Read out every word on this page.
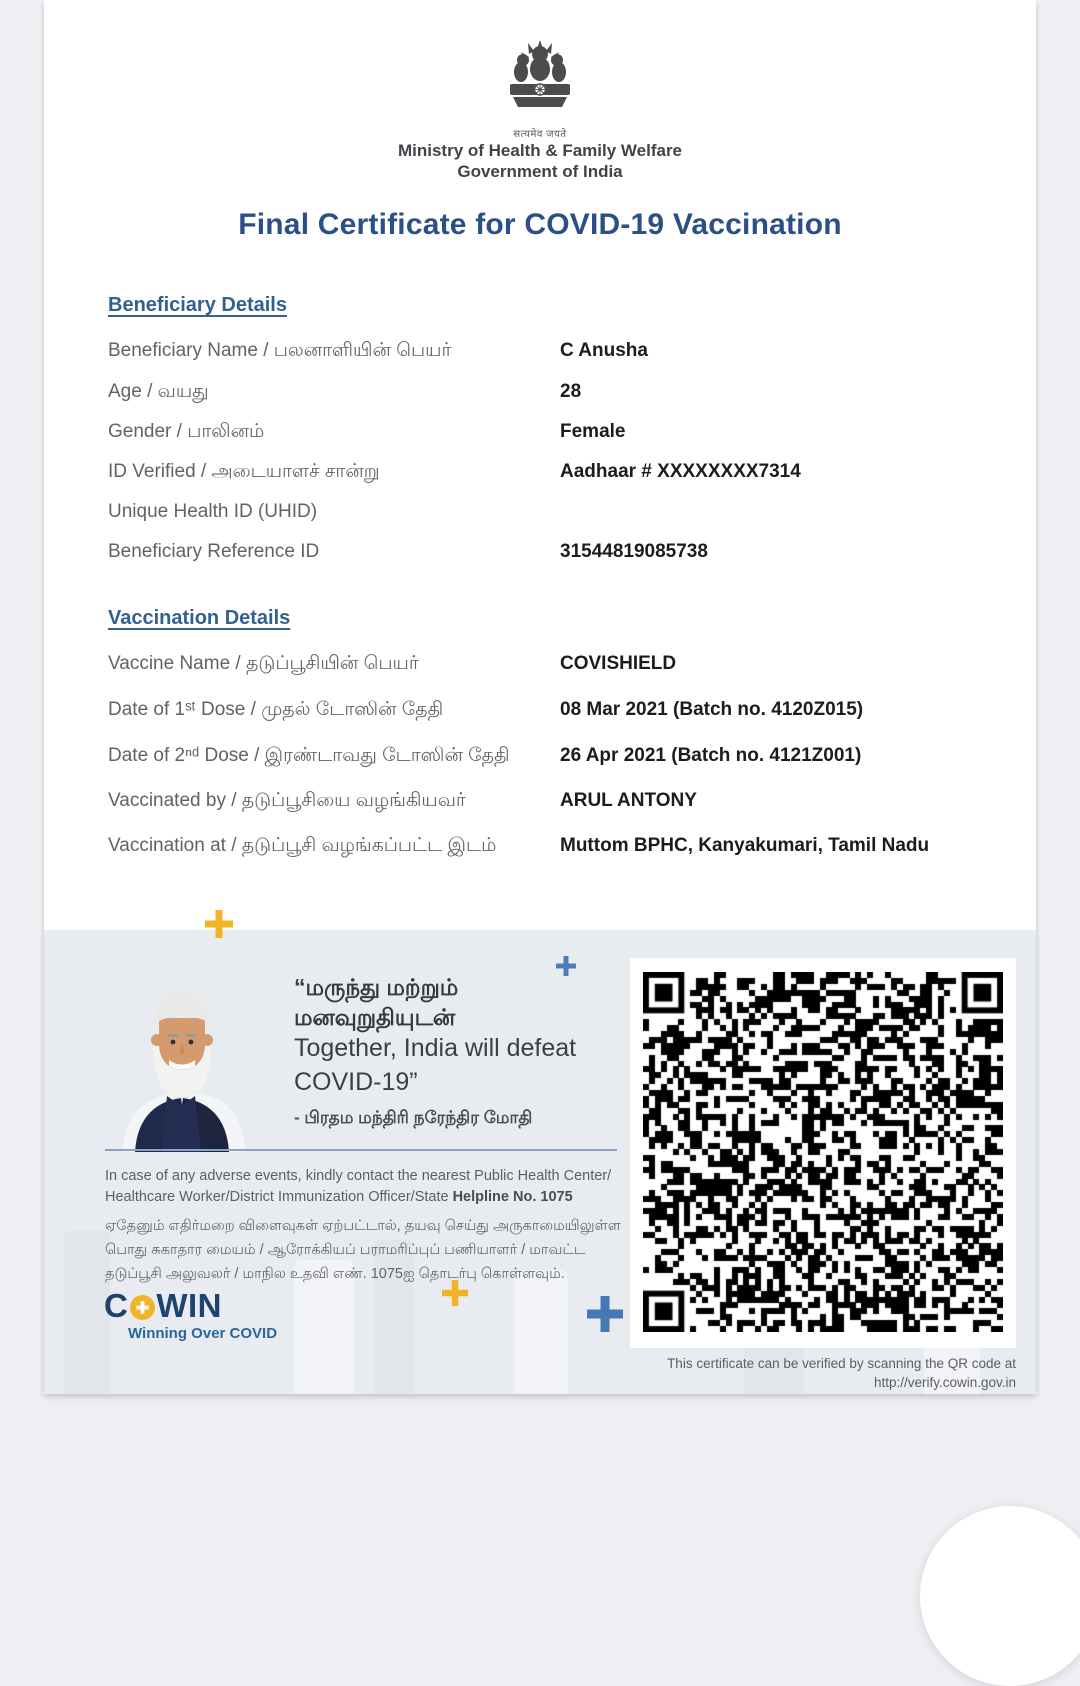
सत्यमेव जयते
Ministry of Health & Family Welfare
Government of India
Final Certificate for COVID-19 Vaccination
Beneficiary Details
Beneficiary Name / பலனாளியின் பெயர்	C Anusha
Age / வயது	28
Gender / பாலினம்	Female
ID Verified / அடையாளச் சான்று	Aadhaar # XXXXXXXX7314
Unique Health ID (UHID)
Beneficiary Reference ID	31544819085738
Vaccination Details
Vaccine Name / தடுப்பூசியின் பெயர்	COVISHIELD
Date of 1ˢᵗ Dose / முதல் டோஸின் தேதி	08 Mar 2021 (Batch no. 4120Z015)
Date of 2ⁿᵈ Dose / இரண்டாவது டோஸின் தேதி	26 Apr 2021 (Batch no. 4121Z001)
Vaccinated by / தடுப்பூசியை வழங்கியவர்	ARUL ANTONY
Vaccination at / தடுப்பூசி வழங்கப்பட்ட இடம்	Muttom BPHC, Kanyakumari, Tamil Nadu
“மருந்து மற்றும்
மனவுறுதியுடன்
Together, India will defeat
COVID-19”
- பிரதம மந்திரி நரேந்திர மோதி
In case of any adverse events, kindly contact the nearest Public Health Center/
Healthcare Worker/District Immunization Officer/State Helpline No. 1075
ஏதேனும் எதிர்மறை விளைவுகள் ஏற்பட்டால், தயவு செய்து அருகாமையிலுள்ள பொது சுகாதார மையம் / ஆரோக்கியப் பராமரிப்புப் பணியாளர் / மாவட்ட தடுப்பூசி அலுவலர் / மாநில உதவி எண். 1075ஐ தொடர்பு கொள்ளவும்.
C WIN
Winning Over COVID
This certificate can be verified by scanning the QR code at
http://verify.cowin.gov.in
